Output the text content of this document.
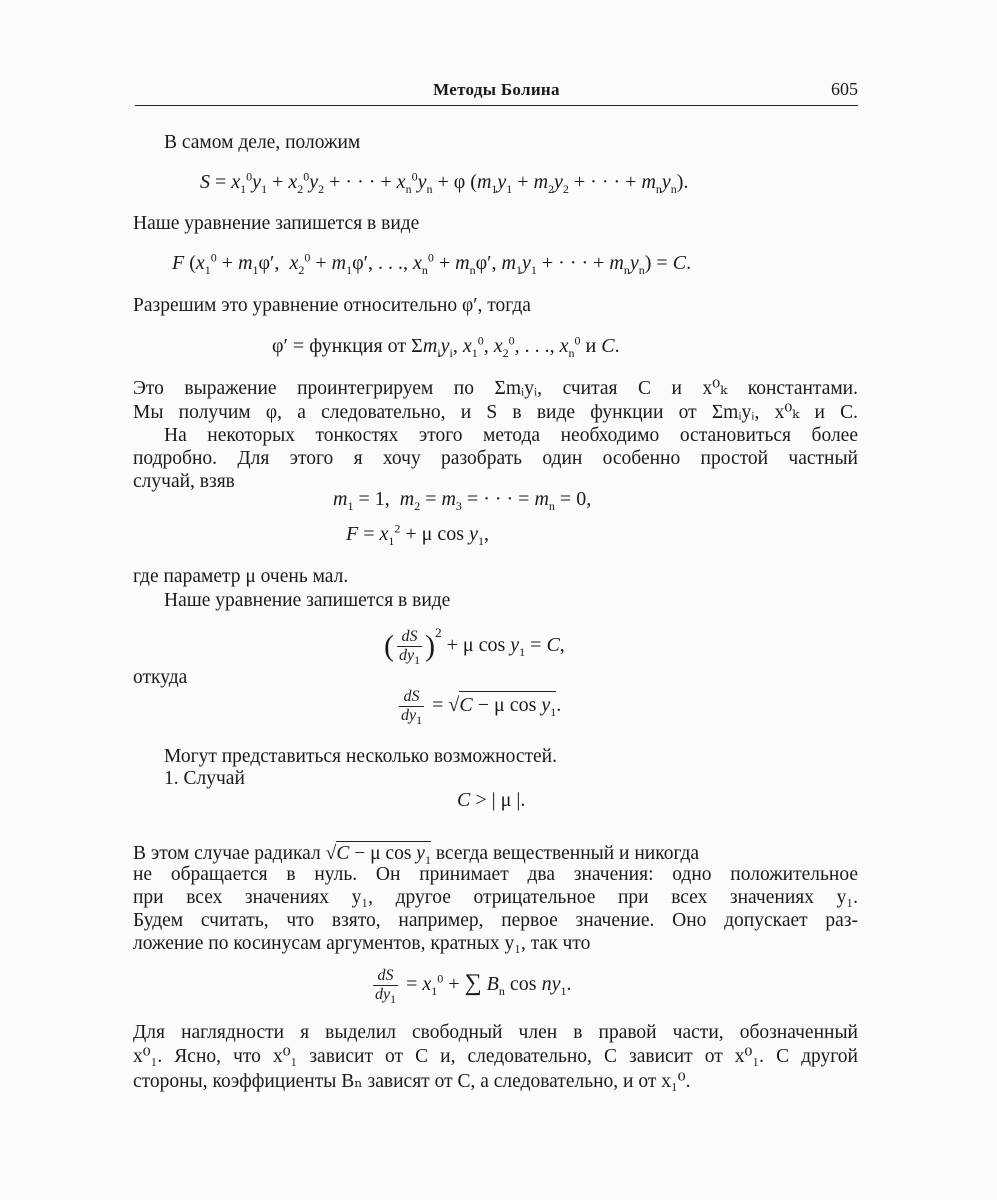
Методы Болина	605
В самом деле, положим
$S = x_1^0y_1 + x_2^0y_2$ + · · · + $x_n^0y_n + \varphi$ ($m_1y_1 + m_2y_2$ + · · · + $m_ny_n$).
Наше уравнение запишется в виде
F ($x_1^0 + m_1\varphi'$,  $x_2^0 + m_1\varphi'$, . . ., $x_n^0 + m_n\varphi'$, $m_1y_1$ + · · · + $m_ny_n) = C$.
Разрешим это уравнение относительно φ′, тогда
φ′ = функция от $\Sigma m_iy_i$, $x_1^0$, $x_2^0$, . . ., $x_n^0$ и C.
Это выражение проинтегрируем по Σmᵢyᵢ, считая C и x⁰ₖ константами.
Мы получим φ, а следовательно, и S в виде функции от Σmᵢyᵢ, x⁰ₖ и C.
На некоторых тонкостях этого метода необходимо остановиться более
подробно. Для этого я хочу разобрать один особенно простой частный
случай, взяв
$m_1 = 1$,  $m_2 = m_3$ = · · · = $m_n = 0$,
$F = x_1^2 + \mu$ $\cos y_1$,
где параметр μ очень мал.
Наше уравнение запишется в виде
( $\frac{dS}{dy_1} )^2 + \mu$ $\cos y_1 = C$,
откуда
$\frac{dS}{dy_1} = √C - \mu$ $\cos y_1$.
Могут представиться несколько возможностей.
1. Случай
C > | μ |.
В этом случае радикал √C − μ $\cos y_1$ всегда вещественный и никогда
не обращается в нуль. Он принимает два значения: одно положительное
при всех значениях y₁, другое отрицательное при всех значениях y₁.
Будем считать, что взято, например, первое значение. Оно допускает раз-
ложение по косинусам аргументов, кратных y₁, так что
$\frac{dS}{dy_1} = x_1^0$ + ∑ $B_n$ $\cos ny_1$.
Для наглядности я выделил свободный член в правой части, обозначенный
x⁰₁. Ясно, что x⁰₁ зависит от C и, следовательно, C зависит от x⁰₁. С другой
стороны, коэффициенты Bₙ зависят от C, а следовательно, и от x₁⁰.
